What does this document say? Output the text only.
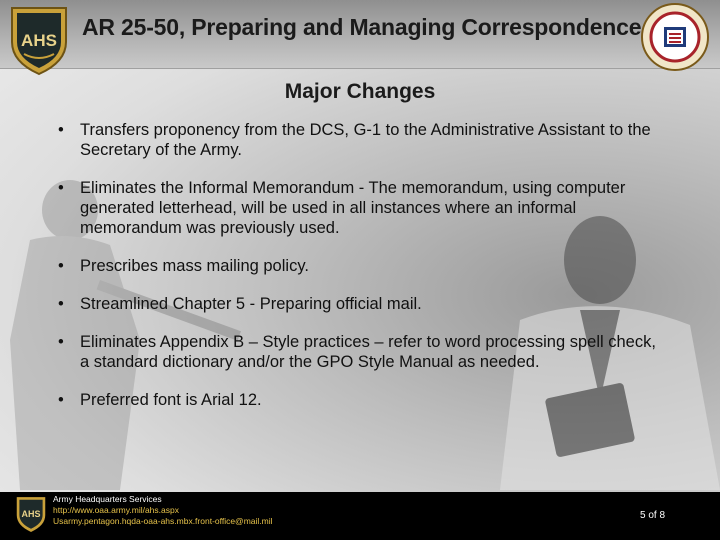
AHS
AR 25-50, Preparing and Managing Correspondence
Major Changes
• Transfers proponency from the DCS, G-1 to the Administrative Assistant to the Secretary of the Army.
• Eliminates the Informal Memorandum - The memorandum, using computer generated letterhead, will be used in all instances where an informal memorandum was previously used.
• Prescribes mass mailing policy.
• Streamlined Chapter 5 - Preparing official mail.
• Eliminates Appendix B – Style practices – refer to word processing spell check, a standard dictionary and/or the GPO Style Manual as needed.
• Preferred font is Arial 12.
AHS
Army Headquarters Services
http://www.oaa.army.mil/ahs.aspx
Usarmy.pentagon.hqda-oaa-ahs.mbx.front-office@mail.mil	5 of 8
